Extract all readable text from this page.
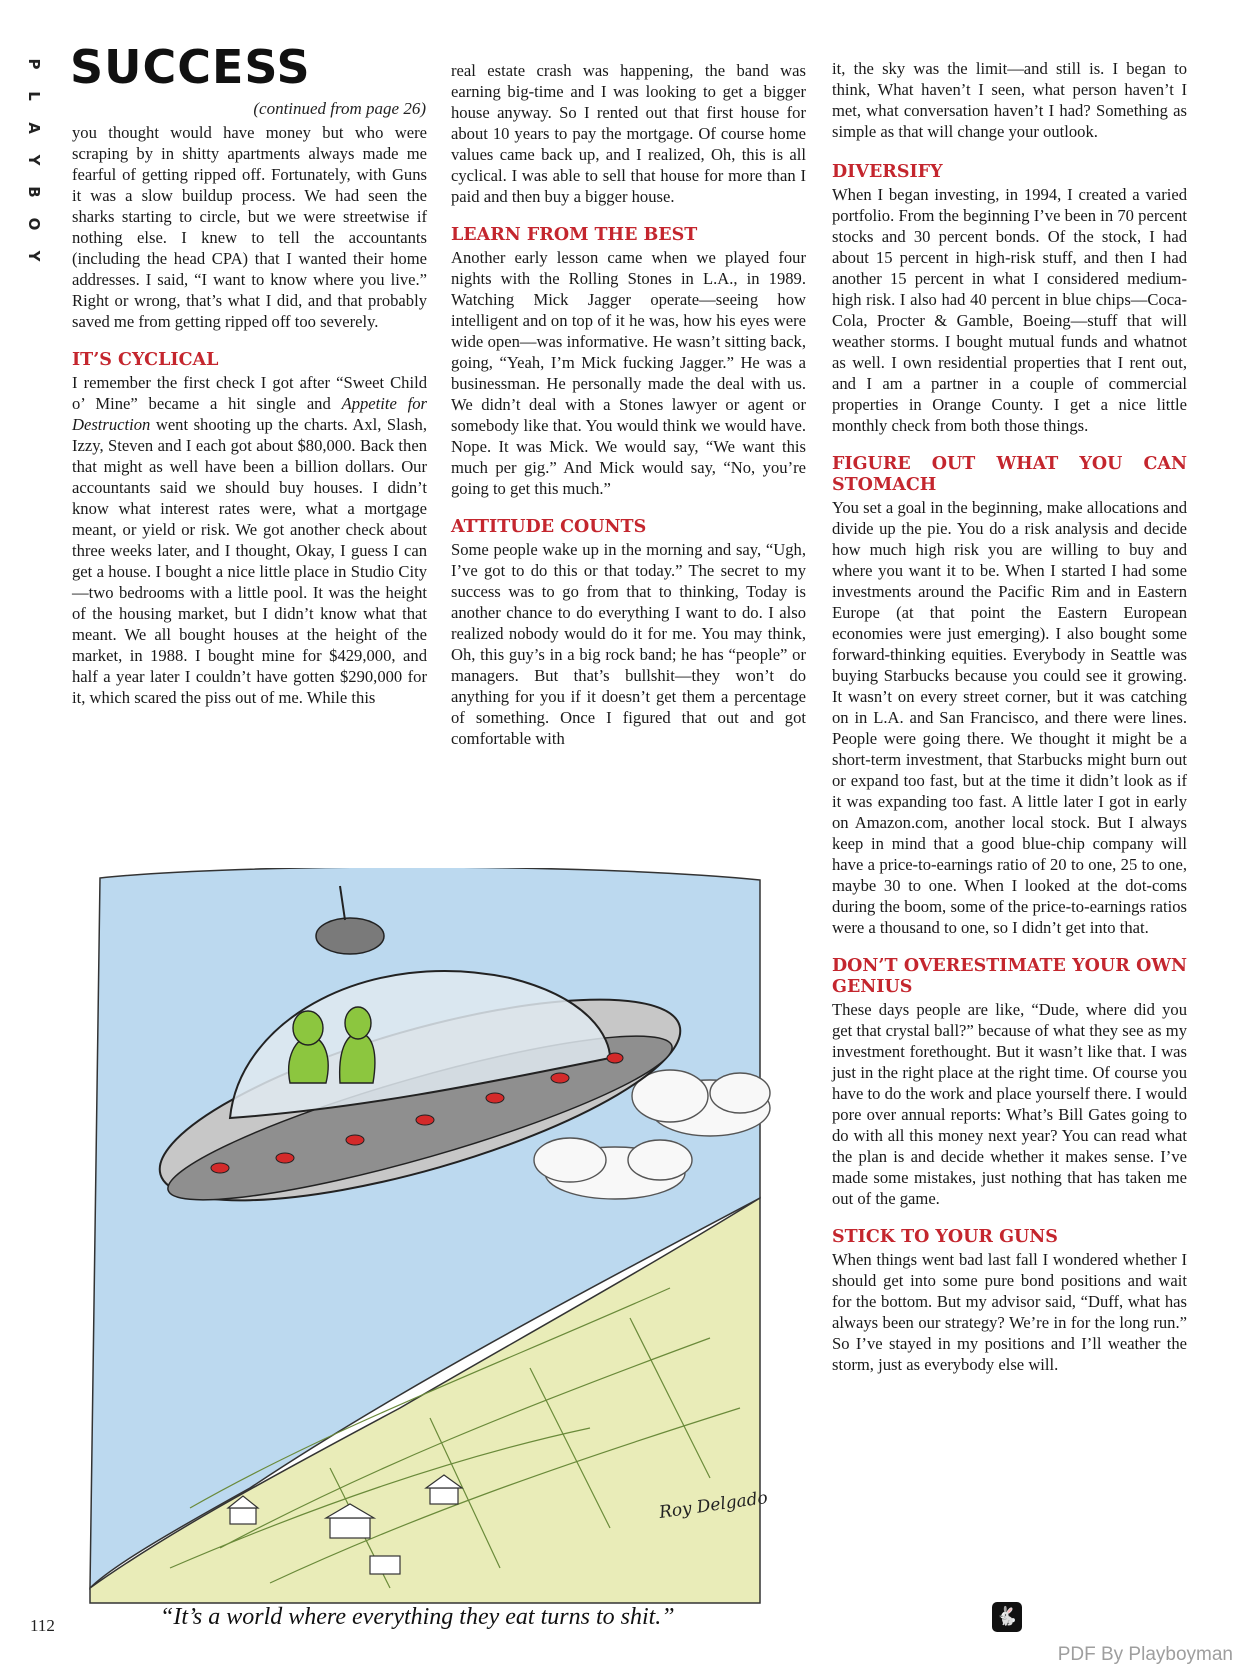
P
L
A
Y
B
O
Y
SUCCESS
(continued from page 26)

you thought would have money but who were scraping by in shitty apartments always made me fearful of getting ripped off. Fortunately, with Guns it was a slow buildup process. We had seen the sharks starting to circle, but we were streetwise if nothing else. I knew to tell the accountants (including the head CPA) that I wanted their home addresses. I said, “I want to know where you live.” Right or wrong, that’s what I did, and that probably saved me from getting ripped off too severely.

IT’S CYCLICAL

I remember the first check I got after “Sweet Child o’ Mine” became a hit single and Appetite for Destruction went shooting up the charts. Axl, Slash, Izzy, Steven and I each got about $80,000. Back then that might as well have been a billion dollars. Our accountants said we should buy houses. I didn’t know what interest rates were, what a mortgage meant, or yield or risk. We got another check about three weeks later, and I thought, Okay, I guess I can get a house. I bought a nice little place in Studio City—two bedrooms with a little pool. It was the height of the housing market, but I didn’t know what that meant. We all bought houses at the height of the market, in 1988. I bought mine for $429,000, and half a year later I couldn’t have gotten $290,000 for it, which scared the piss out of me. While this

real estate crash was happening, the band was earning big-time and I was looking to get a bigger house anyway. So I rented out that first house for about 10 years to pay the mortgage. Of course home values came back up, and I realized, Oh, this is all cyclical. I was able to sell that house for more than I paid and then buy a bigger house.

LEARN FROM THE BEST

Another early lesson came when we played four nights with the Rolling Stones in L.A., in 1989. Watching Mick Jagger operate—seeing how intelligent and on top of it he was, how his eyes were wide open—was informative. He wasn’t sitting back, going, “Yeah, I’m Mick fucking Jagger.” He was a businessman. He personally made the deal with us. We didn’t deal with a Stones lawyer or agent or somebody like that. You would think we would have. Nope. It was Mick. We would say, “We want this much per gig.” And Mick would say, “No, you’re going to get this much.”

ATTITUDE COUNTS

Some people wake up in the morning and say, “Ugh, I’ve got to do this or that today.” The secret to my success was to go from that to thinking, Today is another chance to do everything I want to do. I also realized nobody would do it for me. You may think, Oh, this guy’s in a big rock band; he has “people” or managers. But that’s bullshit—they won’t do anything for you if it doesn’t get them a percentage of something. Once I figured that out and got comfortable with

it, the sky was the limit—and still is. I began to think, What haven’t I seen, what person haven’t I met, what conversation haven’t I had? Something as simple as that will change your outlook.

DIVERSIFY

When I began investing, in 1994, I created a varied portfolio. From the beginning I’ve been in 70 percent stocks and 30 percent bonds. Of the stock, I had about 15 percent in high-risk stuff, and then I had another 15 percent in what I considered medium-high risk. I also had 40 percent in blue chips—Coca-Cola, Procter & Gamble, Boeing—stuff that will weather storms. I bought mutual funds and whatnot as well. I own residential properties that I rent out, and I am a partner in a couple of commercial properties in Orange County. I get a nice little monthly check from both those things.

FIGURE OUT WHAT YOU CAN STOMACH

You set a goal in the beginning, make allocations and divide up the pie. You do a risk analysis and decide how much high risk you are willing to buy and where you want it to be. When I started I had some investments around the Pacific Rim and in Eastern Europe (at that point the Eastern European economies were just emerging). I also bought some forward-thinking equities. Everybody in Seattle was buying Starbucks because you could see it growing. It wasn’t on every street corner, but it was catching on in L.A. and San Francisco, and there were lines. People were going there. We thought it might be a short-term investment, that Starbucks might burn out or expand too fast, but at the time it didn’t look as if it was expanding too fast. A little later I got in early on Amazon.com, another local stock. But I always keep in mind that a good blue-chip company will have a price-to-earnings ratio of 20 to one, 25 to one, maybe 30 to one. When I looked at the dot-coms during the boom, some of the price-to-earnings ratios were a thousand to one, so I didn’t get into that.

DON’T OVERESTIMATE YOUR OWN GENIUS

These days people are like, “Dude, where did you get that crystal ball?” because of what they see as my investment forethought. But it wasn’t like that. I was just in the right place at the right time. Of course you have to do the work and place yourself there. I would pore over annual reports: What’s Bill Gates going to do with all this money next year? You can read what the plan is and decide whether it makes sense. I’ve made some mistakes, just nothing that has taken me out of the game.

STICK TO YOUR GUNS

When things went bad last fall I wondered whether I should get into some pure bond positions and wait for the bottom. But my advisor said, “Duff, what has always been our strategy? We’re in for the long run.” So I’ve stayed in my positions and I’ll weather the storm, just as everybody else will.

Roy Delgado
“It’s a world where everything they eat turns to shit.”
112	🐇
PDF By Playboyman
